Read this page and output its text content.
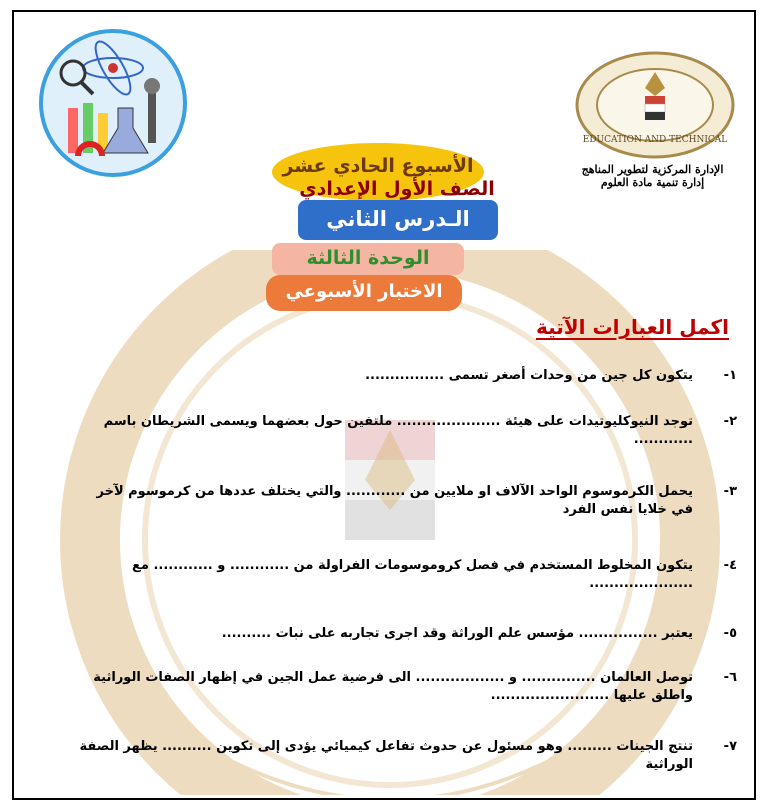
EDUCATION AND TECHNICAL
الإدارة المركزية لتطوير المناهج
إدارة تنمية مادة العلوم
الأسبوع الحادي عشر
الصف الأول الإعدادي
الـدرس الثاني
الوحدة الثالثة
الاختبار الأسبوعي
اكمل العبارات الآتية
١-يتكون كل جين من وحدات أصغر تسمى ................
٢-توجد النيوكليوتيدات على هيئة ..................... ملتفين حول بعضهما ويسمى الشريطان باسم ............
٣-يحمل الكرموسوم الواحد الآلاف او ملايين من ............ والتي يختلف عددها من كرموسوم لآخر في خلايا نفس الفرد
٤-يتكون المخلوط المستخدم في فصل كروموسومات الفراولة من ............ و ............ مع .....................
٥-يعتبر ................ مؤسس علم الوراثة وقد اجرى تجاربه على نبات ..........
٦-توصل العالمان ............... و .................. الى فرضية عمل الجين في إظهار الصفات الوراثية واطلق عليها ........................
٧-تنتج الجينات ......... وهو مسئول عن حدوث تفاعل كيميائي يؤدى إلى تكوين .......... يظهر الصفة الوراثية
